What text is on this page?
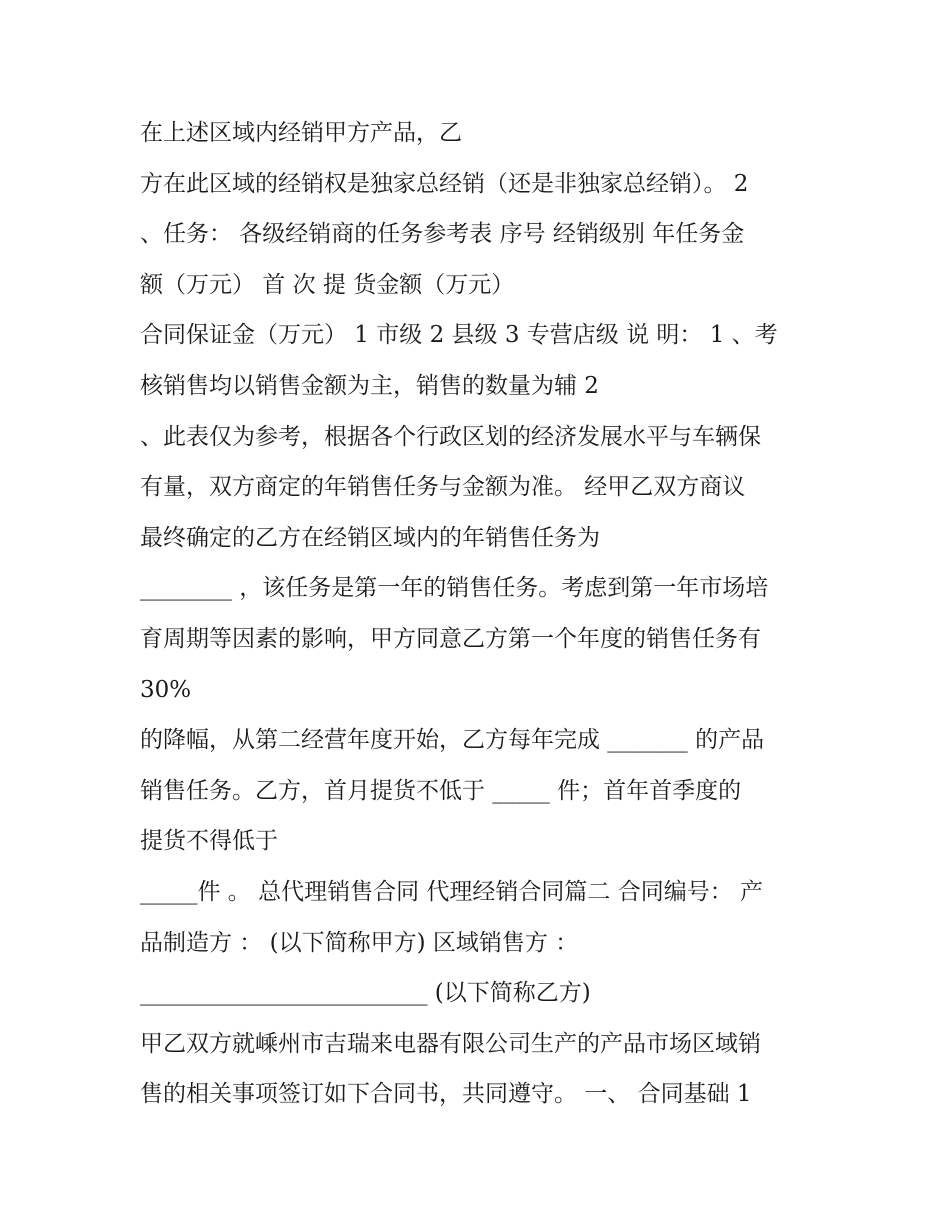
在上述区域内经销甲方产品，乙
方在此区域的经销权是独家总经销（还是非独家总经销）。 2
、任务： 各级经销商的任务参考表 序号 经销级别 年任务金
额（万元） 首 次 提 货金额（万元）
合同保证金（万元） 1 市级 2 县级 3 专营店级 说 明： 1 、考
核销售均以销售金额为主，销售的数量为辅 2
、此表仅为参考，根据各个行政区划的经济发展水平与车辆保
有量，双方商定的年销售任务与金额为准。 经甲乙双方商议
最终确定的乙方在经销区域内的年销售任务为
________ ，该任务是第一年的销售任务。考虑到第一年市场培
育周期等因素的影响，甲方同意乙方第一个年度的销售任务有
30%
的降幅，从第二经营年度开始，乙方每年完成 _______ 的产品
销售任务。乙方，首月提货不低于 _____ 件；首年首季度的
提货不得低于
_____件 。 总代理销售合同 代理经销合同篇二 合同编号： 产
品制造方 ： (以下简称甲方) 区域销售方 ：
_________________________ (以下简称乙方)
甲乙双方就嵊州市吉瑞来电器有限公司生产的产品市场区域销
售的相关事项签订如下合同书，共同遵守。 一、 合同基础 1
